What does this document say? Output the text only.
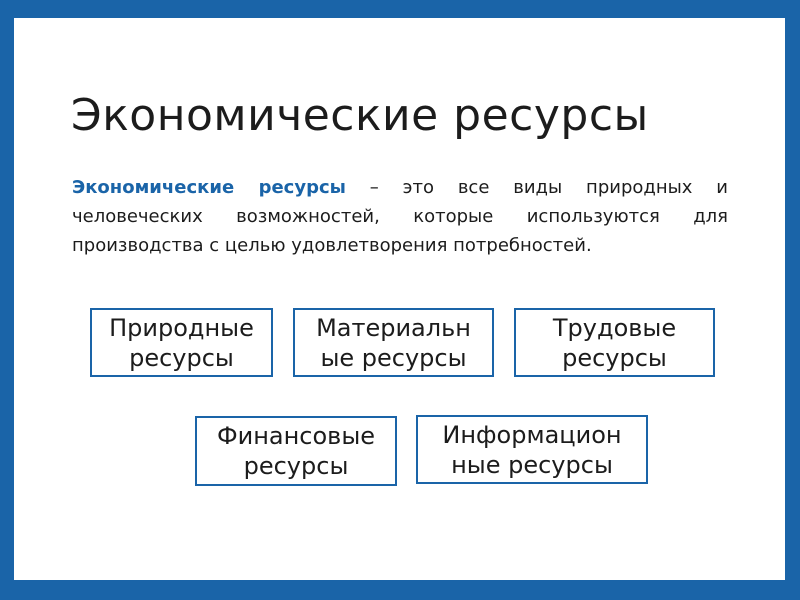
Экономические ресурсы

Экономические ресурсы – это все виды природных и человеческих возможностей, которые используются для производства с целью удовлетворения потребностей.

Природные
ресурсы
Материальн
ые ресурсы
Трудовые
ресурсы
Финансовые
ресурсы
Информацион
ные ресурсы
